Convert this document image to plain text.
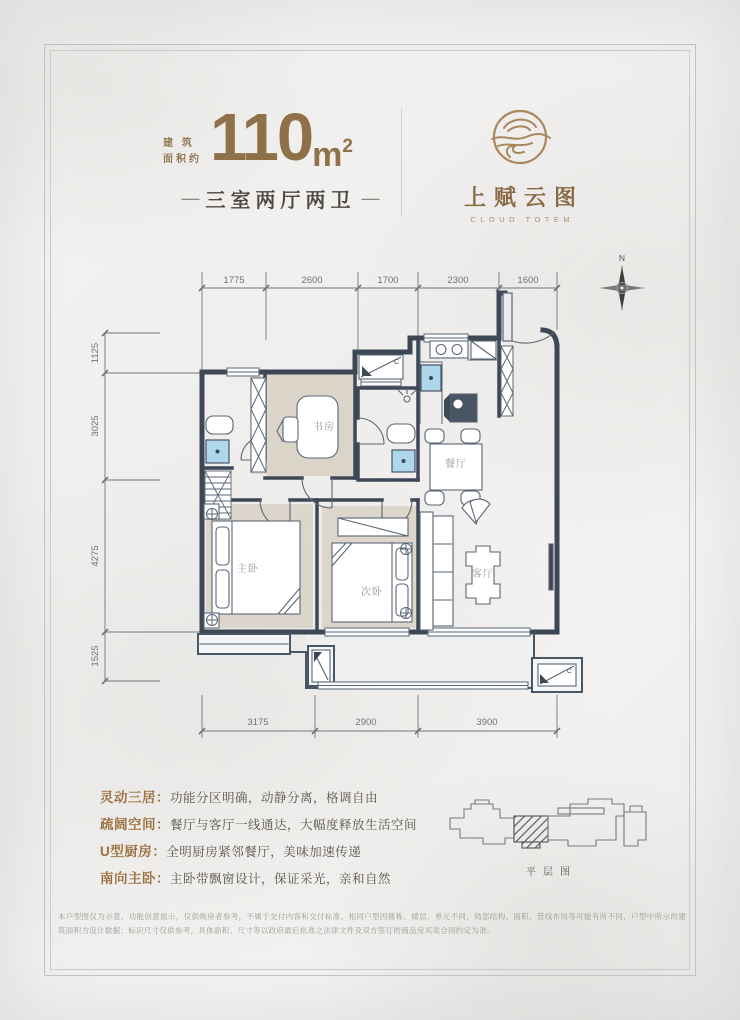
建 筑
面积约 110 $m^2$
— 三室两厅两卫 —	上赋云图
CLOUD TOTEM
1775	2600	1700	2300	1600
1125
3025
4275
1525
3175	2900	3900
N
C
C
书房
餐厅
主卧
次卧
客厅
灵动三居： 功能分区明确，动静分离，格调自由
疏阔空间： 餐厅与客厅一线通达，大幅度释放生活空间
U型厨房： 全明厨房紧邻餐厅，美味加速传递
南向主卧： 主卧带飘窗设计，保证采光，亲和自然	平层图
本户型图仅为示意，功能创意展示，仅供购房者参考，不属于交付内容和交付标准。相同户型因楼栋、楼层、单元不同，局部结构、面积、管线布局等可能有所不同，户型中所示的建筑面积为设计数据；标识尺寸仅供参考，具体面积、尺寸等以政府最后批准之法律文件及双方签订的商品房买卖合同约定为准。
